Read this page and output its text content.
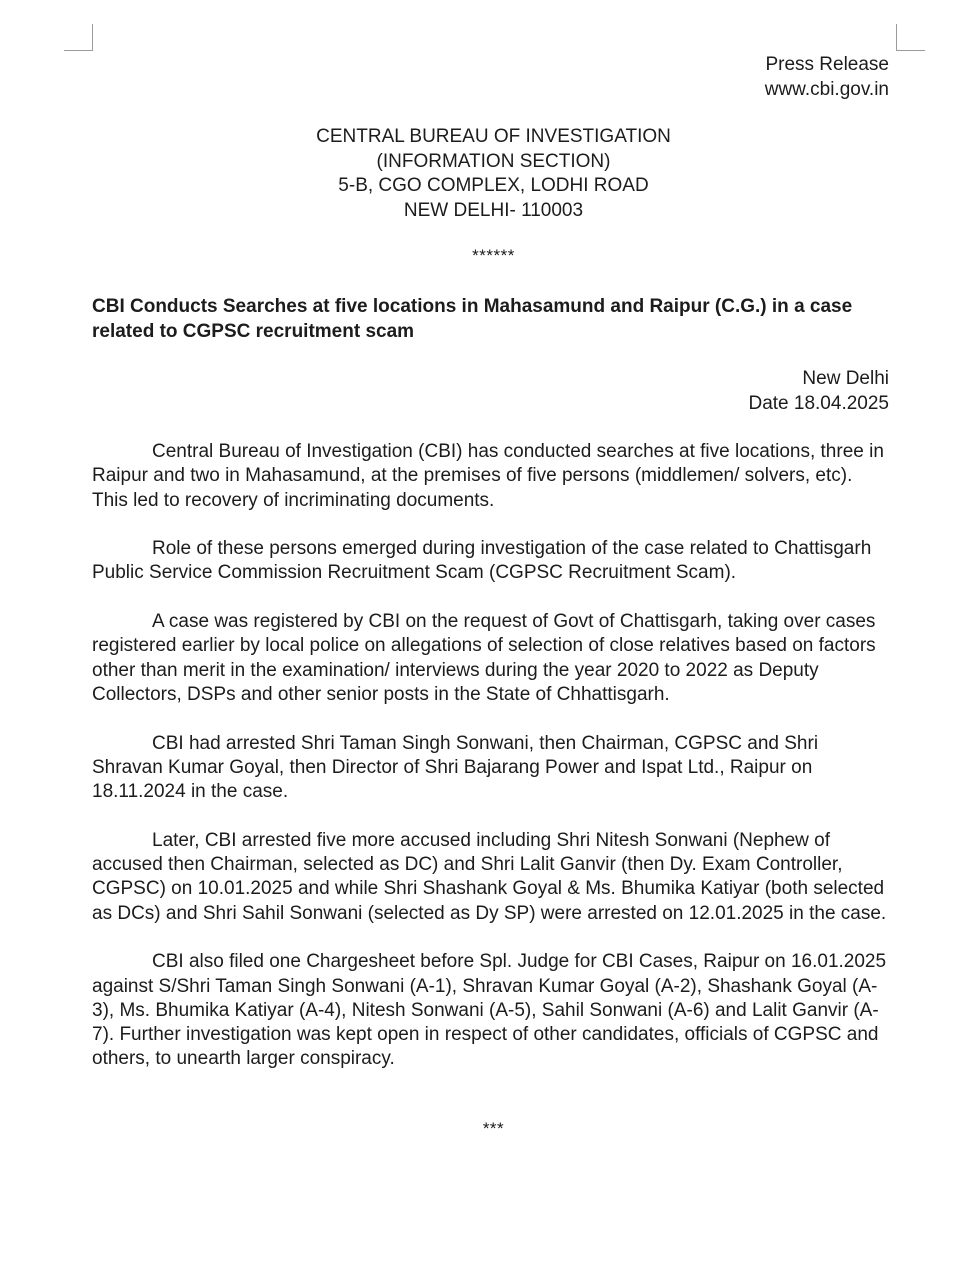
Press Release
www.cbi.gov.in
CENTRAL BUREAU OF INVESTIGATION
(INFORMATION SECTION)
5-B, CGO COMPLEX, LODHI ROAD
NEW DELHI- 110003
******
CBI Conducts Searches at five locations in Mahasamund and Raipur (C.G.) in a case related to CGPSC recruitment scam
New Delhi
Date 18.04.2025

Central Bureau of Investigation (CBI) has conducted searches at five locations, three in Raipur and two in Mahasamund, at the premises of five persons (middlemen/ solvers, etc). This led to recovery of incriminating documents.

Role of these persons emerged during investigation of the case related to Chattisgarh Public Service Commission Recruitment Scam (CGPSC Recruitment Scam).

A case was registered by CBI on the request of Govt of Chattisgarh, taking over cases registered earlier by local police on allegations of selection of close relatives based on factors other than merit in the examination/ interviews during the year 2020 to 2022 as Deputy Collectors, DSPs and other senior posts in the State of Chhattisgarh.

CBI had arrested Shri Taman Singh Sonwani, then Chairman, CGPSC and Shri Shravan Kumar Goyal, then Director of Shri Bajarang Power and Ispat Ltd., Raipur on 18.11.2024 in the case.

Later, CBI arrested five more accused including Shri Nitesh Sonwani (Nephew of accused then Chairman, selected as DC) and Shri Lalit Ganvir (then Dy. Exam Controller, CGPSC) on 10.01.2025 and while Shri Shashank Goyal & Ms. Bhumika Katiyar (both selected as DCs) and Shri Sahil Sonwani (selected as Dy SP) were arrested on 12.01.2025 in the case.

CBI also filed one Chargesheet before Spl. Judge for CBI Cases, Raipur on 16.01.2025 against S/Shri Taman Singh Sonwani (A-1), Shravan Kumar Goyal (A-2), Shashank Goyal (A-3), Ms. Bhumika Katiyar (A-4), Nitesh Sonwani (A-5), Sahil Sonwani (A-6) and Lalit Ganvir (A-7). Further investigation was kept open in respect of other candidates, officials of CGPSC and others, to unearth larger conspiracy.

***
